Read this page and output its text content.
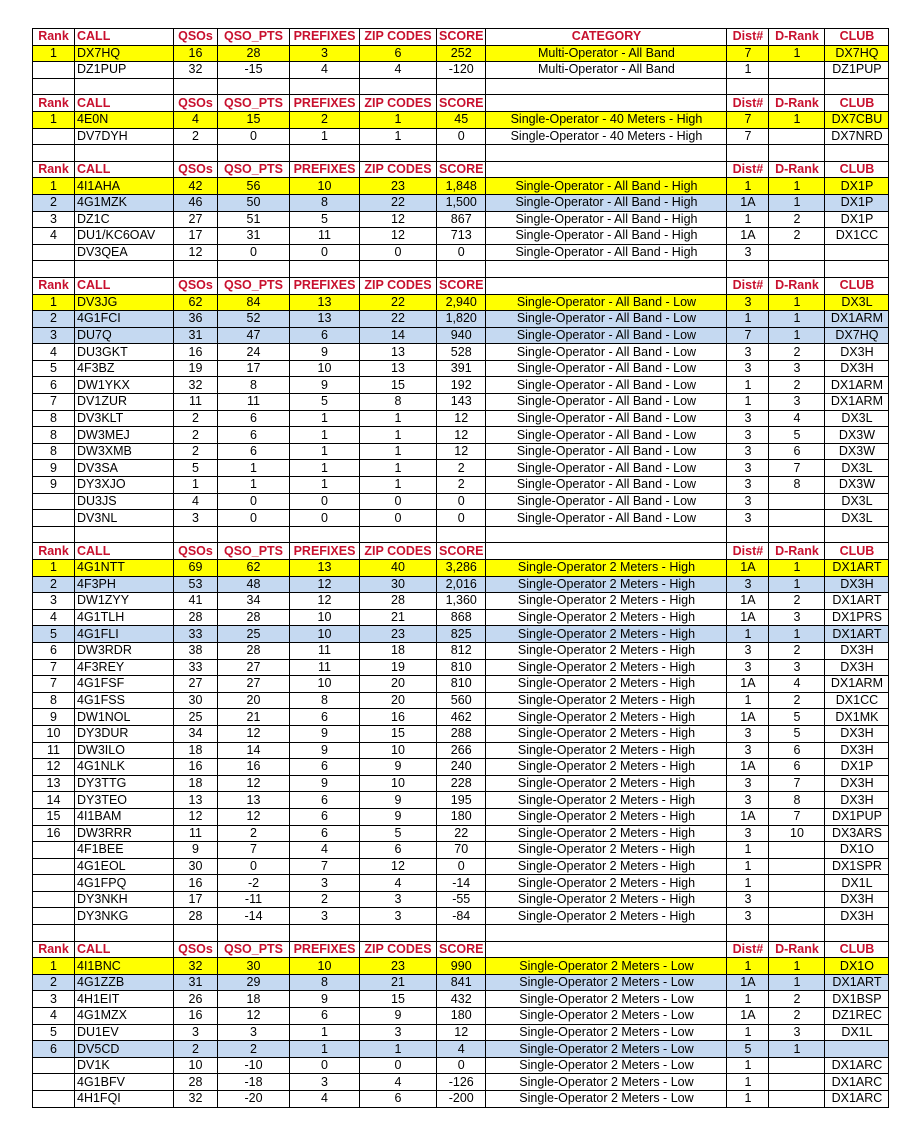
Rank	CALL	QSOs	QSO_PTS	PREFIXES	ZIP CODES	SCORE	CATEGORY	Dist#	D-Rank	CLUB
1	DX7HQ	16	28	3	6	252	Multi-Operator - All Band	7	1	DX7HQ
	DZ1PUP	32	-15	4	4	-120	Multi-Operator - All Band	1		DZ1PUP

Rank	CALL	QSOs	QSO_PTS	PREFIXES	ZIP CODES	SCORE		Dist#	D-Rank	CLUB
1	4E0N	4	15	2	1	45	Single-Operator - 40 Meters - High	7	1	DX7CBU
	DV7DYH	2	0	1	1	0	Single-Operator - 40 Meters - High	7		DX7NRD

Rank	CALL	QSOs	QSO_PTS	PREFIXES	ZIP CODES	SCORE		Dist#	D-Rank	CLUB
1	4I1AHA	42	56	10	23	1,848	Single-Operator - All Band - High	1	1	DX1P
2	4G1MZK	46	50	8	22	1,500	Single-Operator - All Band - High	1A	1	DX1P
3	DZ1C	27	51	5	12	867	Single-Operator - All Band - High	1	2	DX1P
4	DU1/KC6OAV	17	31	11	12	713	Single-Operator - All Band - High	1A	2	DX1CC
	DV3QEA	12	0	0	0	0	Single-Operator - All Band - High	3		

Rank	CALL	QSOs	QSO_PTS	PREFIXES	ZIP CODES	SCORE		Dist#	D-Rank	CLUB
1	DV3JG	62	84	13	22	2,940	Single-Operator - All Band - Low	3	1	DX3L
2	4G1FCI	36	52	13	22	1,820	Single-Operator - All Band - Low	1	1	DX1ARM
3	DU7Q	31	47	6	14	940	Single-Operator - All Band - Low	7	1	DX7HQ
4	DU3GKT	16	24	9	13	528	Single-Operator - All Band - Low	3	2	DX3H
5	4F3BZ	19	17	10	13	391	Single-Operator - All Band - Low	3	3	DX3H
6	DW1YKX	32	8	9	15	192	Single-Operator - All Band - Low	1	2	DX1ARM
7	DV1ZUR	11	11	5	8	143	Single-Operator - All Band - Low	1	3	DX1ARM
8	DV3KLT	2	6	1	1	12	Single-Operator - All Band - Low	3	4	DX3L
8	DW3MEJ	2	6	1	1	12	Single-Operator - All Band - Low	3	5	DX3W
8	DW3XMB	2	6	1	1	12	Single-Operator - All Band - Low	3	6	DX3W
9	DV3SA	5	1	1	1	2	Single-Operator - All Band - Low	3	7	DX3L
9	DY3XJO	1	1	1	1	2	Single-Operator - All Band - Low	3	8	DX3W
	DU3JS	4	0	0	0	0	Single-Operator - All Band - Low	3		DX3L
	DV3NL	3	0	0	0	0	Single-Operator - All Band - Low	3		DX3L

Rank	CALL	QSOs	QSO_PTS	PREFIXES	ZIP CODES	SCORE		Dist#	D-Rank	CLUB
1	4G1NTT	69	62	13	40	3,286	Single-Operator 2 Meters - High	1A	1	DX1ART
2	4F3PH	53	48	12	30	2,016	Single-Operator 2 Meters - High	3	1	DX3H
3	DW1ZYY	41	34	12	28	1,360	Single-Operator 2 Meters - High	1A	2	DX1ART
4	4G1TLH	28	28	10	21	868	Single-Operator 2 Meters - High	1A	3	DX1PRS
5	4G1FLI	33	25	10	23	825	Single-Operator 2 Meters - High	1	1	DX1ART
6	DW3RDR	38	28	11	18	812	Single-Operator 2 Meters - High	3	2	DX3H
7	4F3REY	33	27	11	19	810	Single-Operator 2 Meters - High	3	3	DX3H
7	4G1FSF	27	27	10	20	810	Single-Operator 2 Meters - High	1A	4	DX1ARM
8	4G1FSS	30	20	8	20	560	Single-Operator 2 Meters - High	1	2	DX1CC
9	DW1NOL	25	21	6	16	462	Single-Operator 2 Meters - High	1A	5	DX1MK
10	DY3DUR	34	12	9	15	288	Single-Operator 2 Meters - High	3	5	DX3H
11	DW3ILO	18	14	9	10	266	Single-Operator 2 Meters - High	3	6	DX3H
12	4G1NLK	16	16	6	9	240	Single-Operator 2 Meters - High	1A	6	DX1P
13	DY3TTG	18	12	9	10	228	Single-Operator 2 Meters - High	3	7	DX3H
14	DY3TEO	13	13	6	9	195	Single-Operator 2 Meters - High	3	8	DX3H
15	4I1BAM	12	12	6	9	180	Single-Operator 2 Meters - High	1A	7	DX1PUP
16	DW3RRR	11	2	6	5	22	Single-Operator 2 Meters - High	3	10	DX3ARS
	4F1BEE	9	7	4	6	70	Single-Operator 2 Meters - High	1		DX1O
	4G1EOL	30	0	7	12	0	Single-Operator 2 Meters - High	1		DX1SPR
	4G1FPQ	16	-2	3	4	-14	Single-Operator 2 Meters - High	1		DX1L
	DY3NKH	17	-11	2	3	-55	Single-Operator 2 Meters - High	3		DX3H
	DY3NKG	28	-14	3	3	-84	Single-Operator 2 Meters - High	3		DX3H

Rank	CALL	QSOs	QSO_PTS	PREFIXES	ZIP CODES	SCORE		Dist#	D-Rank	CLUB
1	4I1BNC	32	30	10	23	990	Single-Operator 2 Meters - Low	1	1	DX1O
2	4G1ZZB	31	29	8	21	841	Single-Operator 2 Meters - Low	1A	1	DX1ART
3	4H1EIT	26	18	9	15	432	Single-Operator 2 Meters - Low	1	2	DX1BSP
4	4G1MZX	16	12	6	9	180	Single-Operator 2 Meters - Low	1A	2	DZ1REC
5	DU1EV	3	3	1	3	12	Single-Operator 2 Meters - Low	1	3	DX1L
6	DV5CD	2	2	1	1	4	Single-Operator 2 Meters - Low	5	1	
	DV1K	10	-10	0	0	0	Single-Operator 2 Meters - Low	1		DX1ARC
	4G1BFV	28	-18	3	4	-126	Single-Operator 2 Meters - Low	1		DX1ARC
	4H1FQI	32	-20	4	6	-200	Single-Operator 2 Meters - Low	1		DX1ARC
